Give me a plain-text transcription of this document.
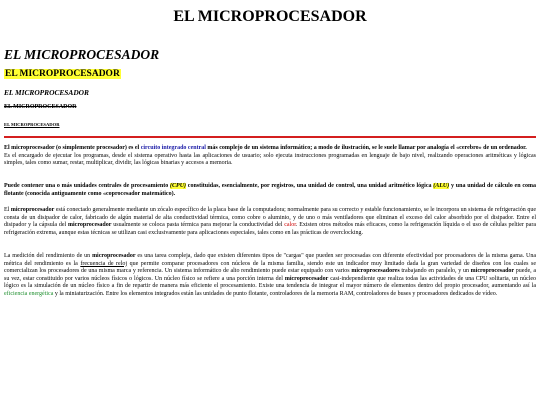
EL MICROPROCESADOR
EL MICROPROCESADOR
EL MICROPROCESADOR
EL MICROPROCESADOR
EL MICROPROCESADOR
EL MICROPROCESADOR

El microprocesador (o simplemente procesador) es el circuito integrado central más complejo de un sistema informático; a modo de ilustración, se le suele llamar por analogía el «cerebro» de un ordenador.
Es el encargado de ejecutar los programas, desde el sistema operativo hasta las aplicaciones de usuario; solo ejecuta instrucciones programadas en lenguaje de bajo nivel, realizando operaciones aritméticas y lógicas simples, tales como sumar, restar, multiplicar, dividir, las lógicas binarias y accesos a memoria.

Puede contener una o más unidades centrales de procesamiento (CPU) constituidas, esencialmente, por registros, una unidad de control, una unidad aritmético lógica (ALU) y una unidad de cálculo en coma flotante (conocida antiguamente como «coprocesador matemático).

El microprocesador está conectado generalmente mediante un zócalo específico de la placa base de la computadora; normalmente para su correcto y estable funcionamiento, se le incorpora un sistema de refrigeración que consta de un disipador de calor, fabricado de algún material de alta conductividad térmica, como cobre o aluminio, y de uno o más ventiladores que eliminan el exceso del calor absorbido por el disipador. Entre el disipador y la cápsula del microprocesador usualmente se coloca pasta térmica para mejorar la conductividad del calor. Existen otros métodos más eficaces, como la refrigeración líquida o el uso de células peltier para refrigeración extrema, aunque estas técnicas se utilizan casi exclusivamente para aplicaciones especiales, tales como en las prácticas de overclocking.

La medición del rendimiento de un microprocesador es una tarea compleja, dado que existen diferentes tipos de "cargas" que pueden ser procesadas con diferente efectividad por procesadores de la misma gama. Una métrica del rendimiento es la frecuencia de reloj que permite comparar procesadores con núcleos de la misma familia, siendo este un indicador muy limitado dada la gran variedad de diseños con los cuales se comercializan los procesadores de una misma marca y referencia. Un sistema informático de alto rendimiento puede estar equipado con varios microprocesadores trabajando en paralelo, y un microprocesador puede, a su vez, estar constituido por varios núcleos físicos o lógicos. Un núcleo físico se refiere a una porción interna del microprocesador casi-independiente que realiza todas las actividades de una CPU solitaria, un núcleo lógico es la simulación de un núcleo físico a fin de repartir de manera más eficiente el procesamiento. Existe una tendencia de integrar el mayor número de elementos dentro del propio procesador, aumentando así la eficiencia energética y la miniaturización. Entre los elementos integrados están las unidades de punto flotante, controladores de la memoria RAM, controladores de buses y procesadores dedicados de vídeo.
